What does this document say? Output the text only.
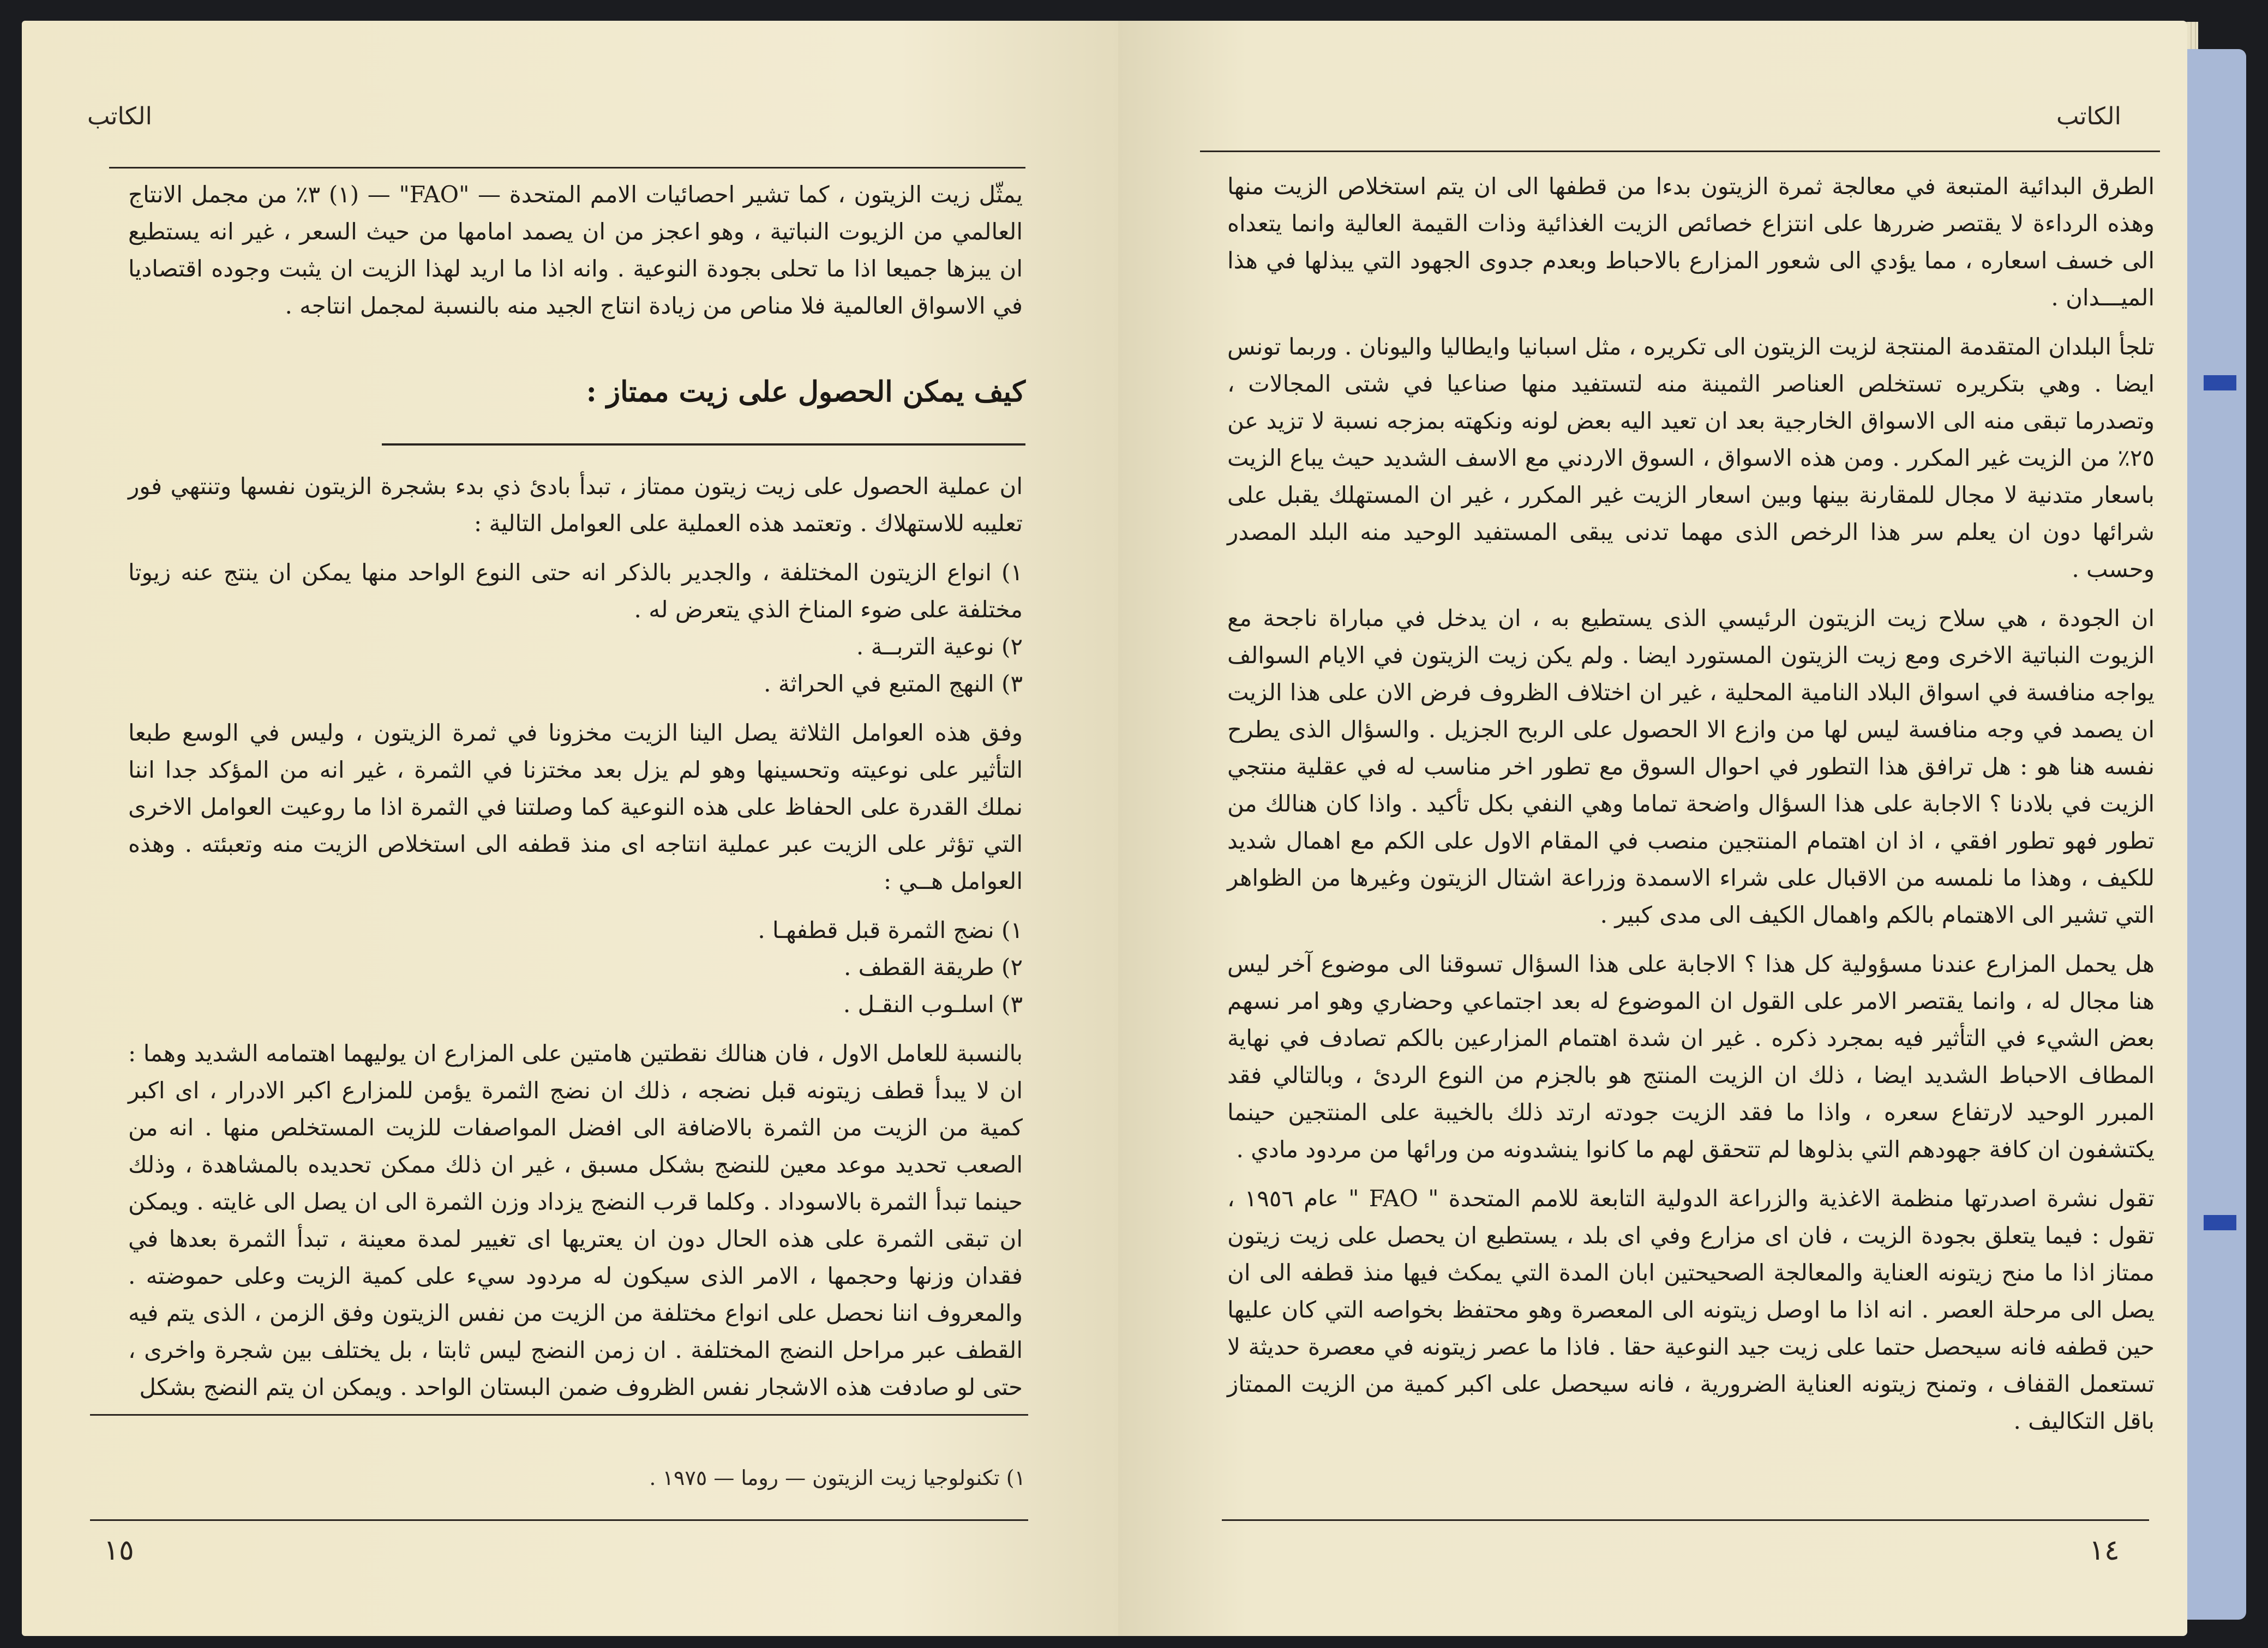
الكاتب

يمثّل زيت الزيتون ، كما تشير احصائيات الامم المتحدة — "FAO" — (١) ٣٪ من مجمل الانتاج العالمي من الزيوت النباتية ، وهو اعجز من ان يصمد امامها من حيث السعر ، غير انه يستطيع ان يبزها جميعا اذا ما تحلى بجودة النوعية . وانه اذا ما اريد لهذا الزيت ان يثبت وجوده اقتصاديا في الاسواق العالمية فلا مناص من زيادة انتاج الجيد منه بالنسبة لمجمل انتاجه .

كيف يمكن الحصول على زيت ممتاز :

ان عملية الحصول على زيت زيتون ممتاز ، تبدأ بادئ ذي بدء بشجرة الزيتون نفسها وتنتهي فور تعليبه للاستهلاك . وتعتمد هذه العملية على العوامل التالية :

١) انواع الزيتون المختلفة ، والجدير بالذكر انه حتى النوع الواحد منها يمكن ان ينتج عنه زيوتا مختلفة على ضوء المناخ الذي يتعرض له .
٢) نوعية التربــة .
٣) النهج المتبع في الحراثة .

وفق هذه العوامل الثلاثة يصل الينا الزيت مخزونا في ثمرة الزيتون ، وليس في الوسع طبعا التأثير على نوعيته وتحسينها وهو لم يزل بعد مختزنا في الثمرة ، غير انه من المؤكد جدا اننا نملك القدرة على الحفاظ على هذه النوعية كما وصلتنا في الثمرة اذا ما روعيت العوامل الاخرى التي تؤثر على الزيت عبر عملية انتاجه اى منذ قطفه الى استخلاص الزيت منه وتعبئته . وهذه العوامل هــي :

١) نضج الثمرة قبل قطفهـا .
٢) طريقة القطف .
٣) اسلـوب النقـل .

بالنسبة للعامل الاول ، فان هنالك نقطتين هامتين على المزارع ان يوليهما اهتمامه الشديد وهما : ان لا يبدأ قطف زيتونه قبل نضجه ، ذلك ان نضج الثمرة يؤمن للمزارع اكبر الادرار ، اى اكبر كمية من الزيت من الثمرة بالاضافة الى افضل المواصفات للزيت المستخلص منها . انه من الصعب تحديد موعد معين للنضج بشكل مسبق ، غير ان ذلك ممكن تحديده بالمشاهدة ، وذلك حينما تبدأ الثمرة بالاسوداد . وكلما قرب النضج يزداد وزن الثمرة الى ان يصل الى غايته . ويمكن ان تبقى الثمرة على هذه الحال دون ان يعتريها اى تغيير لمدة معينة ، تبدأ الثمرة بعدها في فقدان وزنها وحجمها ، الامر الذى سيكون له مردود سيء على كمية الزيت وعلى حموضته . والمعروف اننا نحصل على انواع مختلفة من الزيت من نفس الزيتون وفق الزمن ، الذى يتم فيه القطف عبر مراحل النضج المختلفة . ان زمن النضج ليس ثابتا ، بل يختلف بين شجرة واخرى ، حتى لو صادفت هذه الاشجار نفس الظروف ضمن البستان الواحد . ويمكن ان يتم النضج بشكل

١) تكنولوجيا زيت الزيتون — روما — ١٩٧٥ .
١٥
الكاتب

الطرق البدائية المتبعة في معالجة ثمرة الزيتون بدءا من قطفها الى ان يتم استخلاص الزيت منها وهذه الرداءة لا يقتصر ضررها على انتزاع خصائص الزيت الغذائية وذات القيمة العالية وانما يتعداه الى خسف اسعاره ، مما يؤدي الى شعور المزارع بالاحباط وبعدم جدوى الجهود التي يبذلها في هذا الميـــدان .

تلجأ البلدان المتقدمة المنتجة لزيت الزيتون الى تكريره ، مثل اسبانيا وايطاليا واليونان . وربما تونس ايضا . وهي بتكريره تستخلص العناصر الثمينة منه لتستفيد منها صناعيا في شتى المجالات ، وتصدرما تبقى منه الى الاسواق الخارجية بعد ان تعيد اليه بعض لونه ونكهته بمزجه نسبة لا تزيد عن ٢٥٪ من الزيت غير المكرر . ومن هذه الاسواق ، السوق الاردني مع الاسف الشديد حيث يباع الزيت باسعار متدنية لا مجال للمقارنة بينها وبين اسعار الزيت غير المكرر ، غير ان المستهلك يقبل على شرائها دون ان يعلم سر هذا الرخص الذى مهما تدنى يبقى المستفيد الوحيد منه البلد المصدر وحسب .

ان الجودة ، هي سلاح زيت الزيتون الرئيسي الذى يستطيع به ، ان يدخل في مباراة ناجحة مع الزيوت النباتية الاخرى ومع زيت الزيتون المستورد ايضا . ولم يكن زيت الزيتون في الايام السوالف يواجه منافسة في اسواق البلاد النامية المحلية ، غير ان اختلاف الظروف فرض الان على هذا الزيت ان يصمد في وجه منافسة ليس لها من وازع الا الحصول على الربح الجزيل . والسؤال الذى يطرح نفسه هنا هو : هل ترافق هذا التطور في احوال السوق مع تطور اخر مناسب له في عقلية منتجي الزيت في بلادنا ؟ الاجابة على هذا السؤال واضحة تماما وهي النفي بكل تأكيد . واذا كان هنالك من تطور فهو تطور افقي ، اذ ان اهتمام المنتجين منصب في المقام الاول على الكم مع اهمال شديد للكيف ، وهذا ما نلمسه من الاقبال على شراء الاسمدة وزراعة اشتال الزيتون وغيرها من الظواهر التي تشير الى الاهتمام بالكم واهمال الكيف الى مدى كبير .

هل يحمل المزارع عندنا مسؤولية كل هذا ؟ الاجابة على هذا السؤال تسوقنا الى موضوع آخر ليس هنا مجال له ، وانما يقتصر الامر على القول ان الموضوع له بعد اجتماعي وحضاري وهو امر نسهم بعض الشيء في التأثير فيه بمجرد ذكره . غير ان شدة اهتمام المزارعين بالكم تصادف في نهاية المطاف الاحباط الشديد ايضا ، ذلك ان الزيت المنتج هو بالجزم من النوع الردئ ، وبالتالي فقد المبرر الوحيد لارتفاع سعره ، واذا ما فقد الزيت جودته ارتد ذلك بالخيبة على المنتجين حينما يكتشفون ان كافة جهودهم التي بذلوها لم تتحقق لهم ما كانوا ينشدونه من ورائها من مردود مادي .

تقول نشرة اصدرتها منظمة الاغذية والزراعة الدولية التابعة للامم المتحدة " FAO " عام ١٩٥٦ ، تقول : فيما يتعلق بجودة الزيت ، فان اى مزارع وفي اى بلد ، يستطيع ان يحصل على زيت زيتون ممتاز اذا ما منح زيتونه العناية والمعالجة الصحيحتين ابان المدة التي يمكث فيها منذ قطفه الى ان يصل الى مرحلة العصر . انه اذا ما اوصل زيتونه الى المعصرة وهو محتفظ بخواصه التي كان عليها حين قطفه فانه سيحصل حتما على زيت جيد النوعية حقا . فاذا ما عصر زيتونه في معصرة حديثة لا تستعمل القفاف ، وتمنح زيتونه العناية الضرورية ، فانه سيحصل على اكبر كمية من الزيت الممتاز باقل التكاليف .

١٤
